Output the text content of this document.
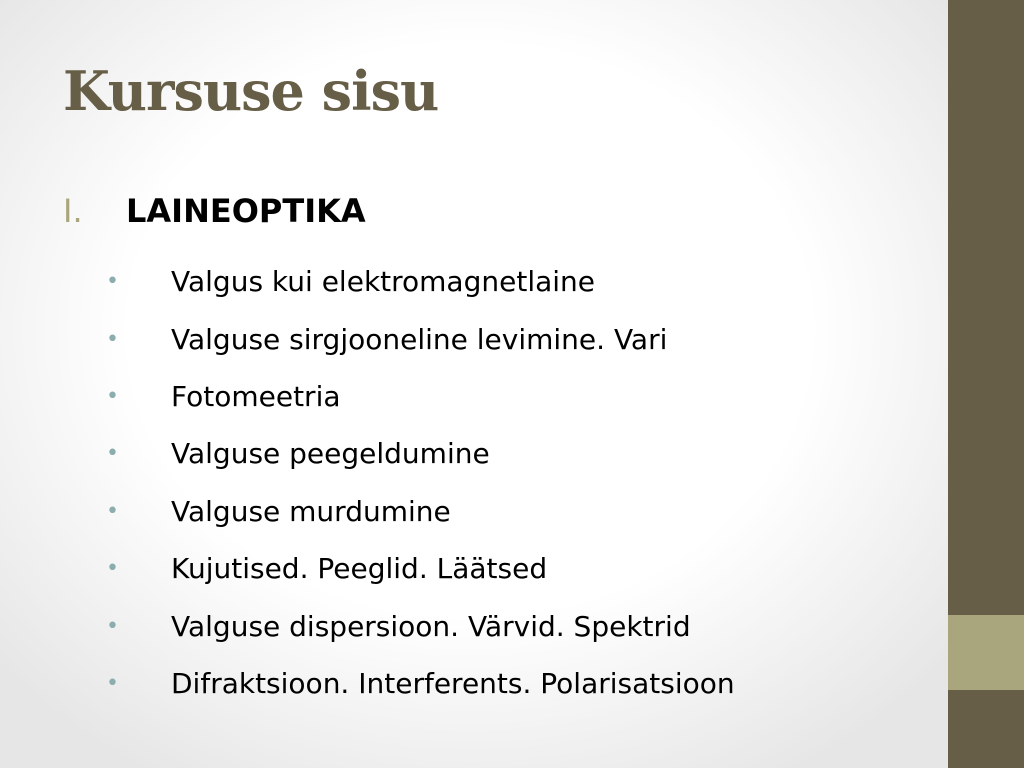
Kursuse sisu
I.	LAINEOPTIKA
•	Valgus kui elektromagnetlaine
•	Valguse sirgjooneline levimine. Vari
•	Fotomeetria
•	Valguse peegeldumine
•	Valguse murdumine
•	Kujutised. Peeglid. Läätsed
•	Valguse dispersioon. Värvid. Spektrid
•	Difraktsioon. Interferents. Polarisatsioon
